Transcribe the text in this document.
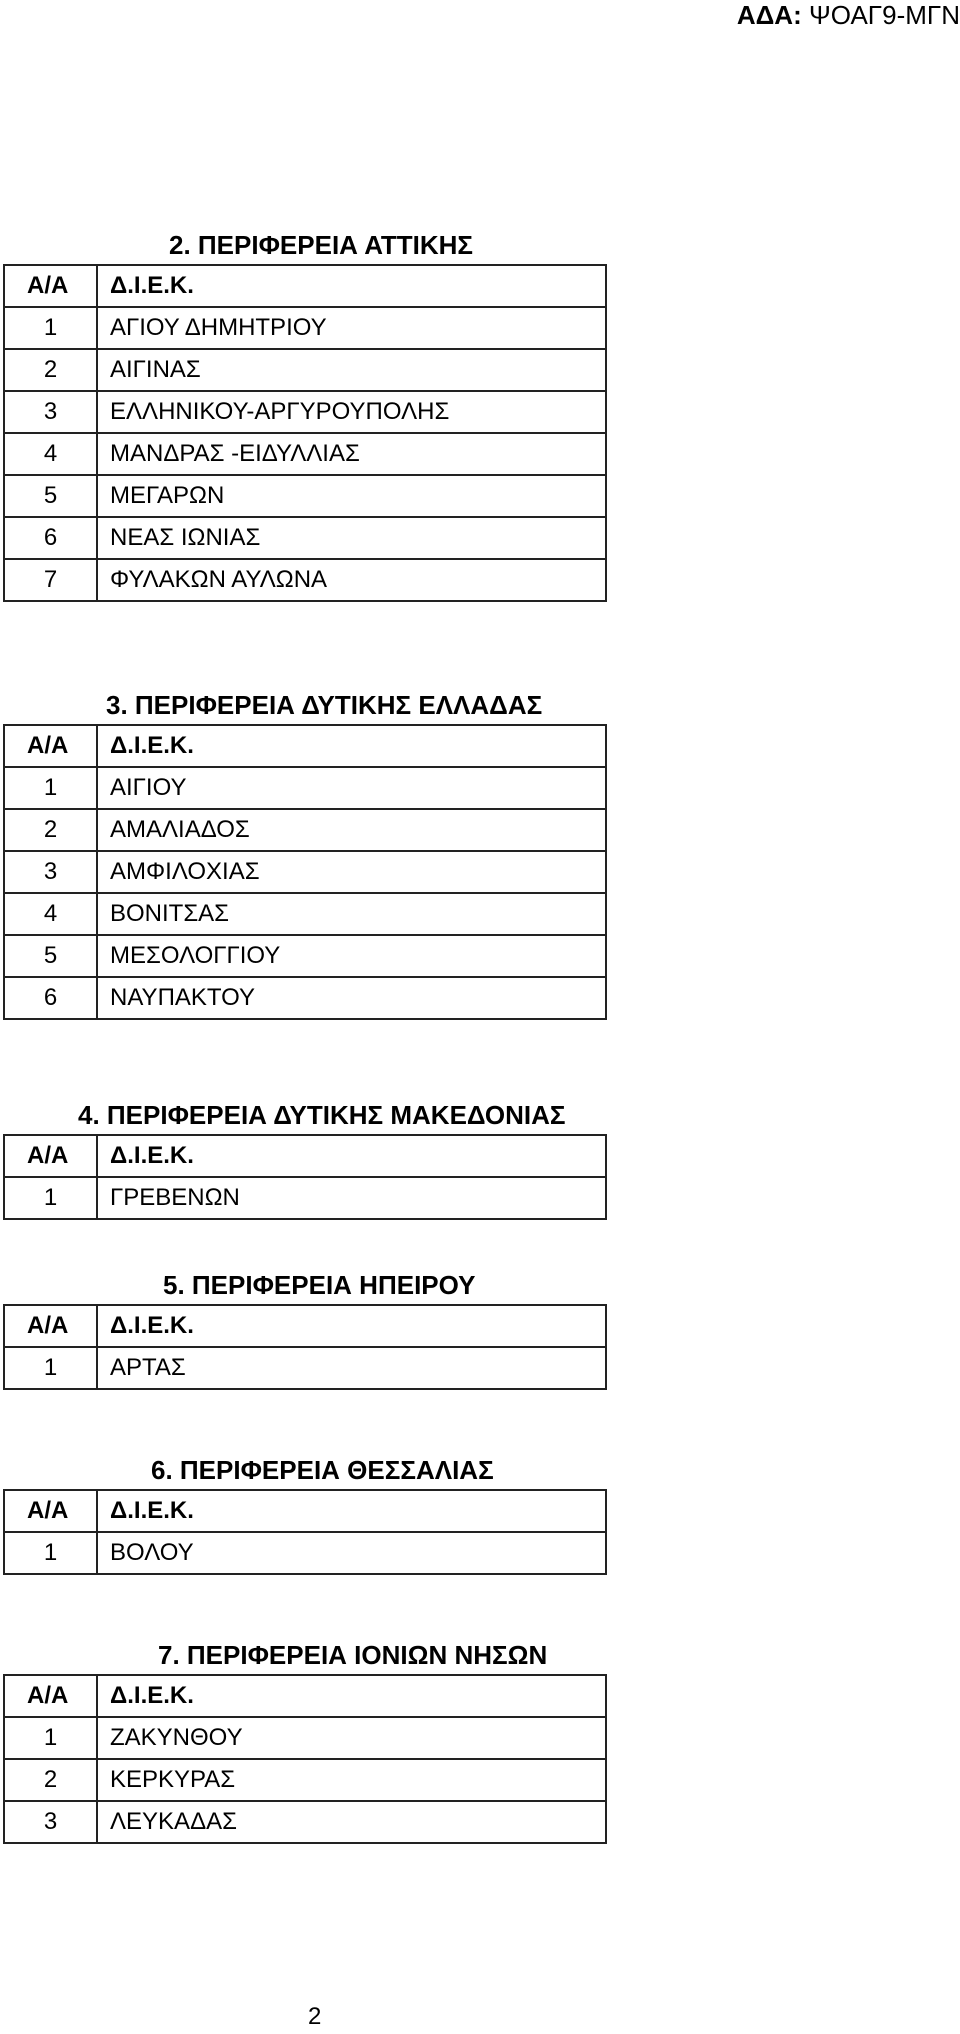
ΑΔΑ: ΨΟΑΓ9-ΜΓΝ
2. ΠΕΡΙΦΕΡΕΙΑ ΑΤΤΙΚΗΣ
Α/Α	Δ.Ι.Ε.Κ.
1	ΑΓΙΟΥ ΔΗΜΗΤΡΙΟΥ
2	ΑΙΓΙΝΑΣ
3	ΕΛΛΗΝΙΚΟΥ-ΑΡΓΥΡΟΥΠΟΛΗΣ
4	ΜΑΝΔΡΑΣ -ΕΙΔΥΛΛΙΑΣ
5	ΜΕΓΑΡΩΝ
6	ΝΕΑΣ ΙΩΝΙΑΣ
7	ΦΥΛΑΚΩΝ ΑΥΛΩΝΑ
3. ΠΕΡΙΦΕΡΕΙΑ ΔΥΤΙΚΗΣ ΕΛΛΑΔΑΣ
Α/Α	Δ.Ι.Ε.Κ.
1	ΑΙΓΙΟΥ
2	ΑΜΑΛΙΑΔΟΣ
3	ΑΜΦΙΛΟΧΙΑΣ
4	ΒΟΝΙΤΣΑΣ
5	ΜΕΣΟΛΟΓΓΙΟΥ
6	ΝΑΥΠΑΚΤΟΥ
4. ΠΕΡΙΦΕΡΕΙΑ ΔΥΤΙΚΗΣ ΜΑΚΕΔΟΝΙΑΣ
Α/Α	Δ.Ι.Ε.Κ.
1	ΓΡΕΒΕΝΩΝ
5. ΠΕΡΙΦΕΡΕΙΑ ΗΠΕΙΡΟΥ
Α/Α	Δ.Ι.Ε.Κ.
1	ΑΡΤΑΣ
6. ΠΕΡΙΦΕΡΕΙΑ ΘΕΣΣΑΛΙΑΣ
Α/Α	Δ.Ι.Ε.Κ.
1	ΒΟΛΟΥ
7. ΠΕΡΙΦΕΡΕΙΑ ΙΟΝΙΩΝ ΝΗΣΩΝ
Α/Α	Δ.Ι.Ε.Κ.
1	ΖΑΚΥΝΘΟΥ
2	ΚΕΡΚΥΡΑΣ
3	ΛΕΥΚΑΔΑΣ
2
